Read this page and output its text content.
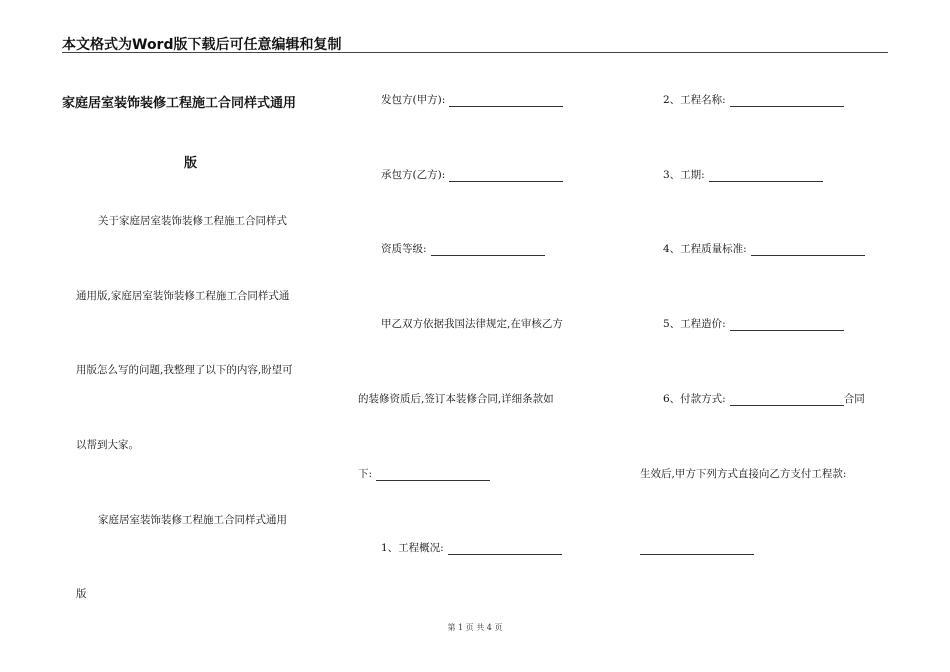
本文格式为Word版下载后可任意编辑和复制
家庭居室装饰装修工程施工合同样式通用
版
关于家庭居室装饰装修工程施工合同样式
通用版,家庭居室装饰装修工程施工合同样式通
用版怎么写的问题,我整理了以下的内容,盼望可
以帮到大家。
家庭居室装饰装修工程施工合同样式通用
版
发包方(甲方):
承包方(乙方):
资质等级:
甲乙双方依据我国法律规定,在审核乙方
的装修资质后,签订本装修合同,详细条款如
下:
1、工程概况:
2、工程名称:
3、工期:
4、工程质量标准:
5、工程造价:
6、付款方式:	合同
生效后,甲方下列方式直接向乙方支付工程款:
第 1 页 共 4 页
